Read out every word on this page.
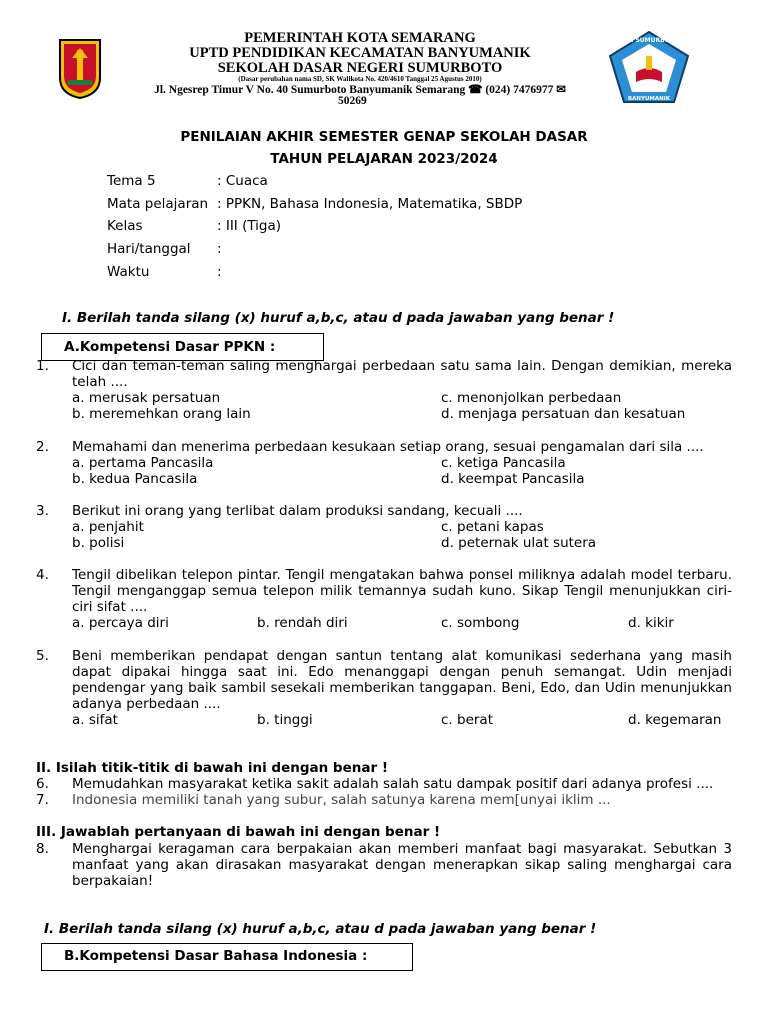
SDN SUMURBOTO
BANYUMANIK
PEMERINTAH KOTA SEMARANG
UPTD PENDIDIKAN KECAMATAN BANYUMANIK
SEKOLAH DASAR NEGERI SUMURBOTO
(Dasar perubahan nama SD, SK Walikota No. 420/4610 Tanggal 25 Agustus 2010)
Jl. Ngesrep Timur V No. 40 Sumurboto Banyumanik Semarang ☎ (024) 7476977 ✉
50269
PENILAIAN AKHIR SEMESTER GENAP SEKOLAH DASAR
TAHUN PELAJARAN 2023/2024
Tema 5	: Cuaca
Mata pelajaran : PPKN, Bahasa Indonesia, Matematika, SBDP
Kelas	: III (Tiga)
Hari/tanggal :
Waktu	:
I. Berilah tanda silang (x) huruf a,b,c, atau d pada jawaban yang benar !
A.Kompetensi Dasar PPKN :
1. Cici dan teman-teman saling menghargai perbedaan satu sama lain. Dengan demikian, mereka telah ....
a. merusak persatuan	c. menonjolkan perbedaan
b. meremehkan orang lain	d. menjaga persatuan dan kesatuan
2. Memahami dan menerima perbedaan kesukaan setiap orang, sesuai pengamalan dari sila ....
a. pertama Pancasila	c. ketiga Pancasila
b. kedua Pancasila	d. keempat Pancasila
3. Berikut ini orang yang terlibat dalam produksi sandang, kecuali ....
a. penjahit	c. petani kapas
b. polisi	d. peternak ulat sutera
4. Tengil dibelikan telepon pintar. Tengil mengatakan bahwa ponsel miliknya adalah model terbaru. Tengil menganggap semua telepon milik temannya sudah kuno. Sikap Tengil menunjukkan ciri-ciri sifat ....
a. percaya diri	b. rendah diri	c. sombong	d. kikir
5. Beni memberikan pendapat dengan santun tentang alat komunikasi sederhana yang masih dapat dipakai hingga saat ini. Edo menanggapi dengan penuh semangat. Udin menjadi pendengar yang baik sambil sesekali memberikan tanggapan. Beni, Edo, dan Udin menunjukkan adanya perbedaan ....
a. sifat	b. tinggi	c. berat	d. kegemaran
II. Isilah titik-titik di bawah ini dengan benar !
6. Memudahkan masyarakat ketika sakit adalah salah satu dampak positif dari adanya profesi ....
7. Indonesia memiliki tanah yang subur, salah satunya karena mem[unyai iklim ...
III. Jawablah pertanyaan di bawah ini dengan benar !
8. Menghargai keragaman cara berpakaian akan memberi manfaat bagi masyarakat. Sebutkan 3 manfaat yang akan dirasakan masyarakat dengan menerapkan sikap saling menghargai cara berpakaian!
I. Berilah tanda silang (x) huruf a,b,c, atau d pada jawaban yang benar !
B.Kompetensi Dasar Bahasa Indonesia :
